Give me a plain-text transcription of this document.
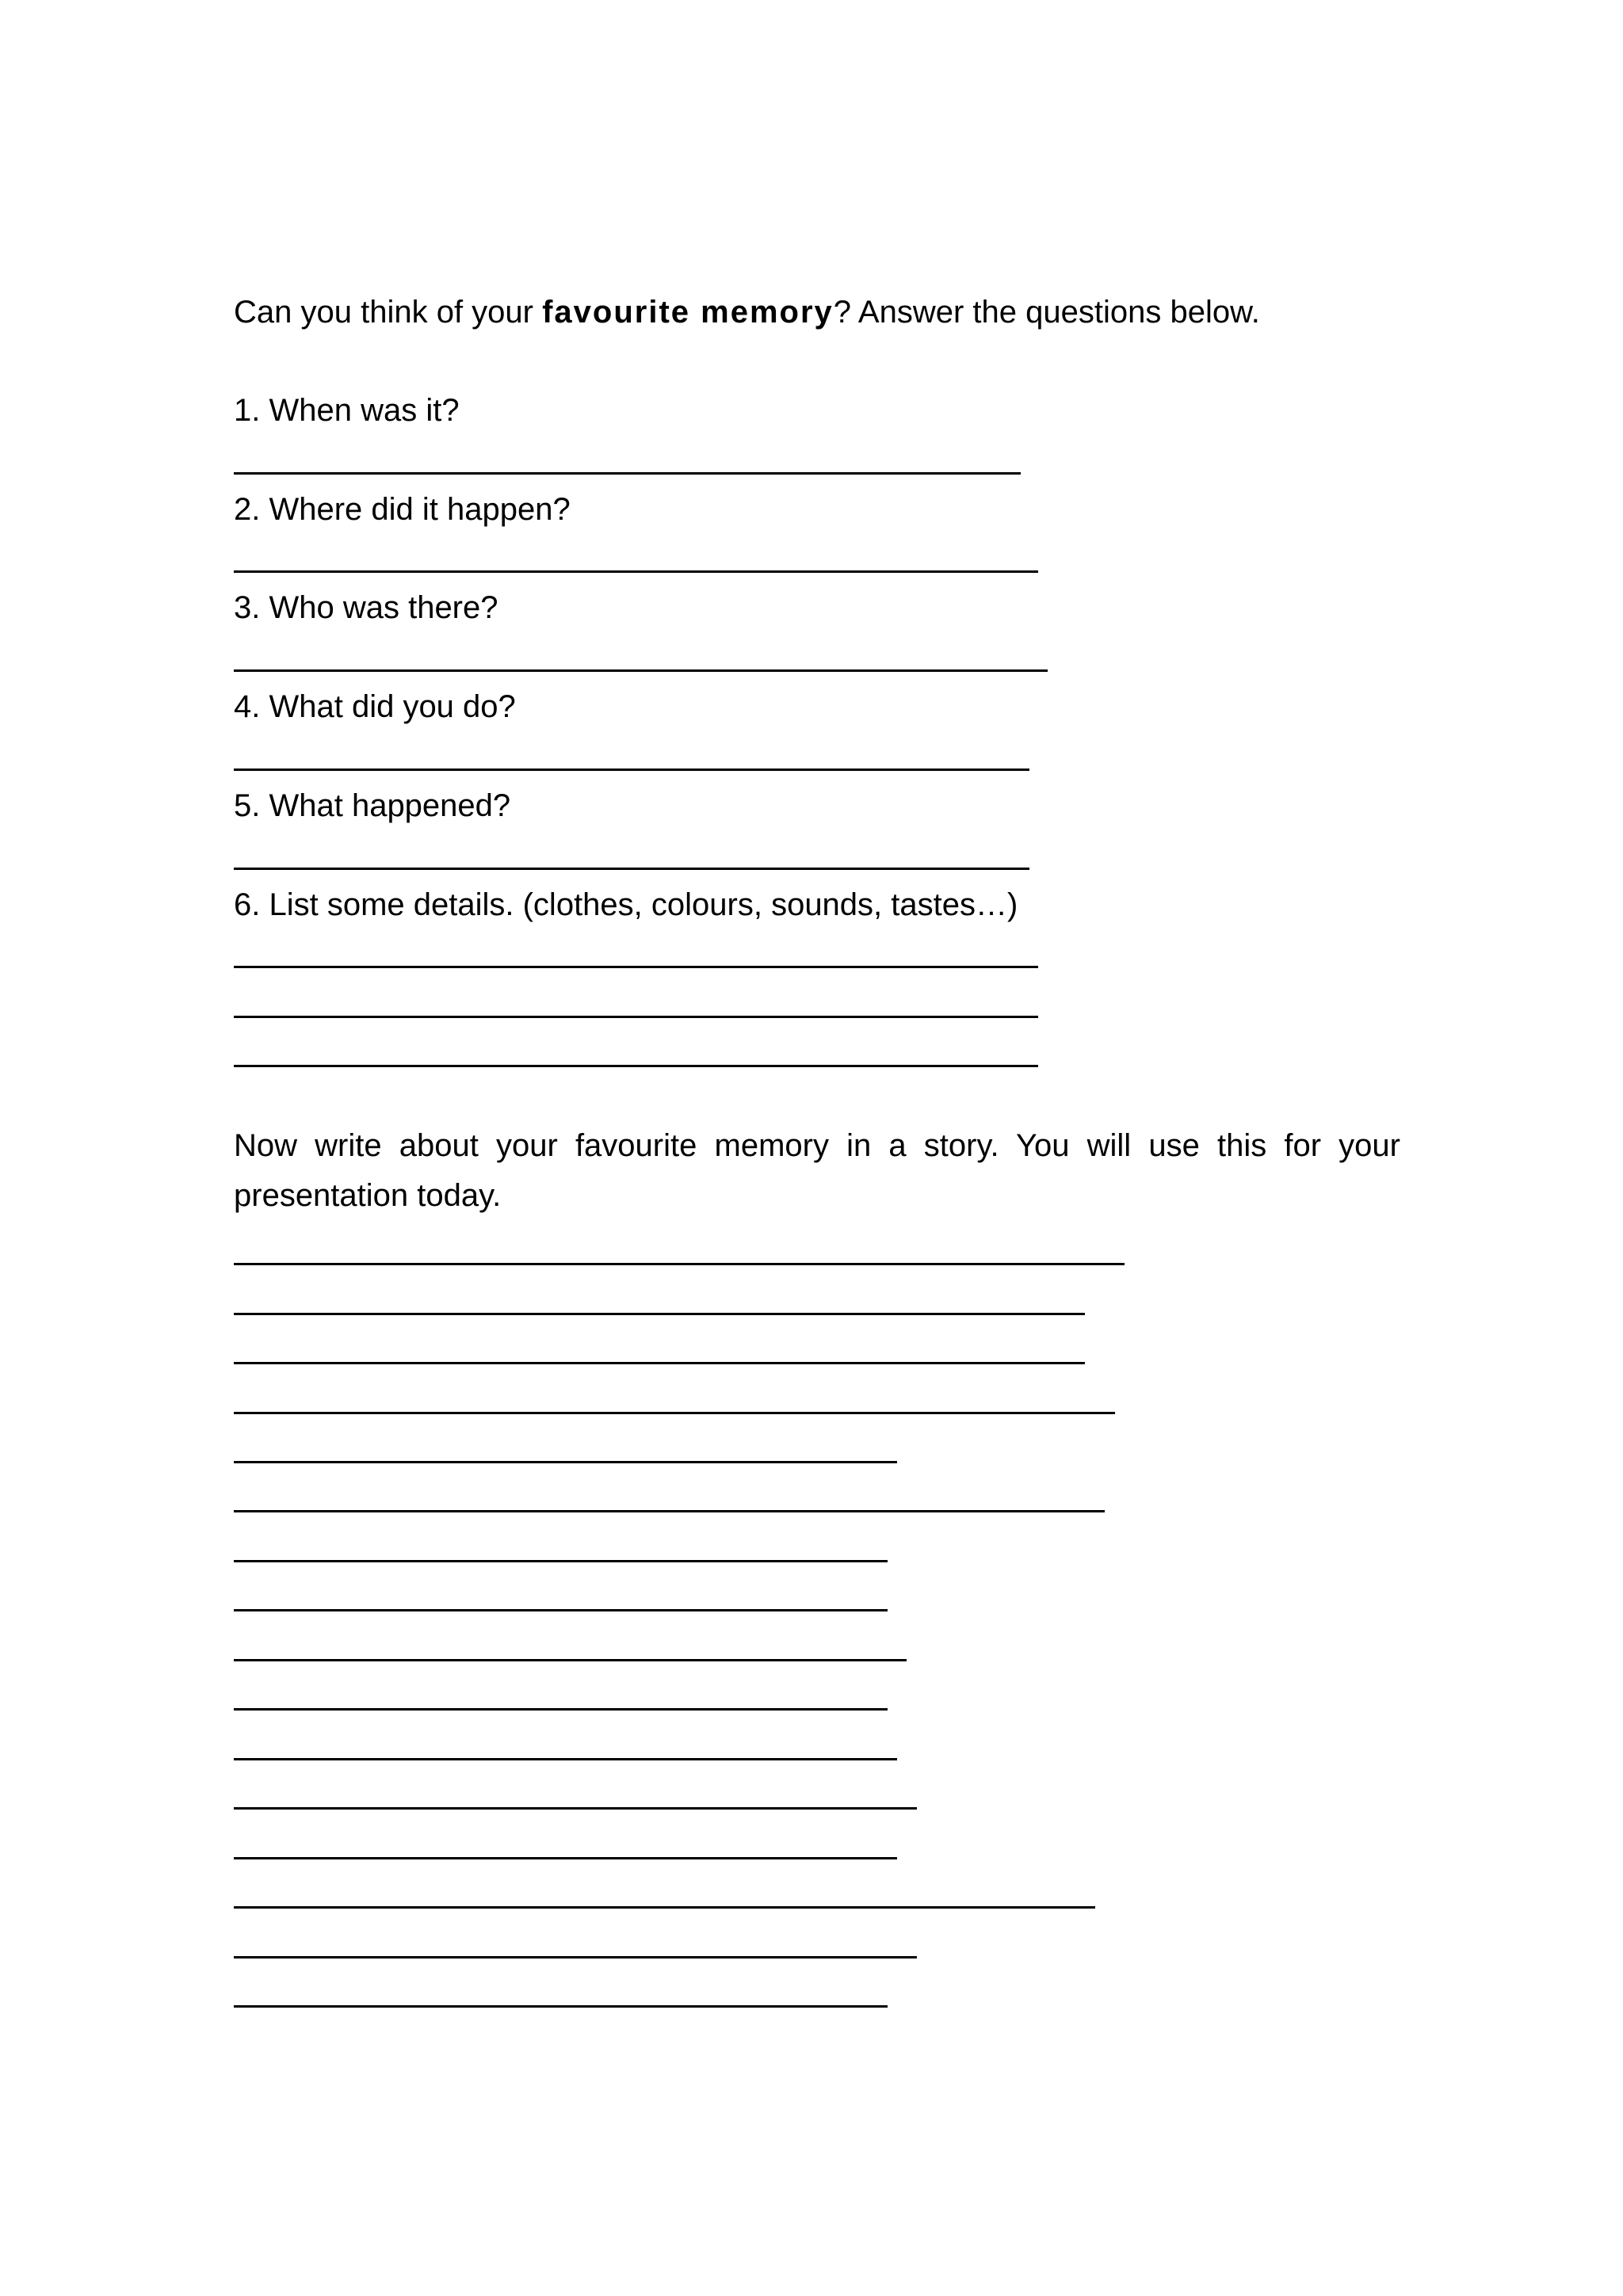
Can you think of your favourite memory? Answer the questions below.
1. When was it?
2. Where did it happen?
3. Who was there?
4. What did you do?
5. What happened?
6. List some details. (clothes, colours, sounds, tastes…)
Now write about your favourite memory in a story. You will use this for your presentation today.
